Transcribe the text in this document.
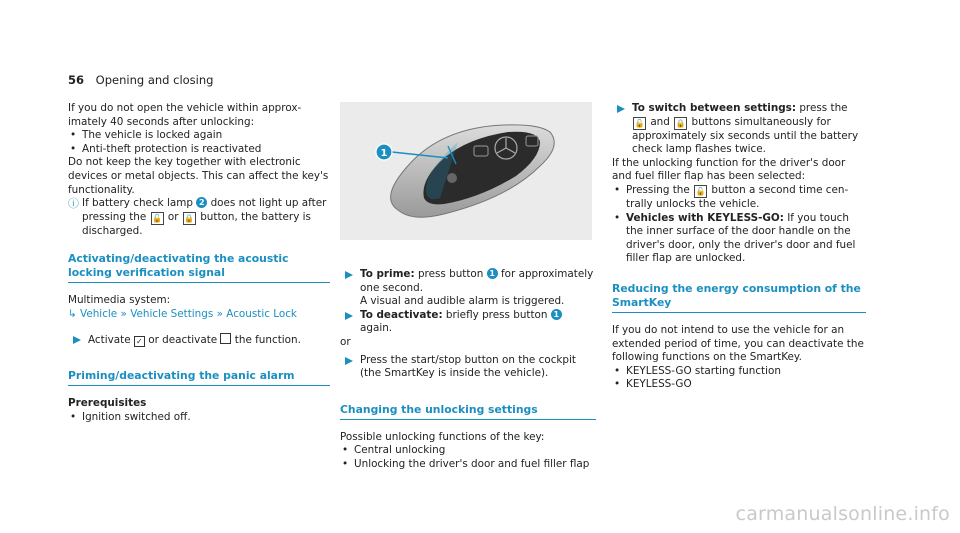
56 Opening and closing

If you do not open the vehicle within approx-imately 40 seconds after unlocking:

• The vehicle is locked again

• Anti-theft protection is reactivated

Do not keep the key together with electronic devices or metal objects. This can affect the key's functionality.

ⓘ If battery check lamp 2 does not light up after pressing the 🔓 or 🔒 button, the battery is discharged.

Activating/deactivating the acoustic locking verification signal

Multimedia system:

↳ Vehicle » Vehicle Settings » Acoustic Lock

Activate ✓ or deactivate the function.

Priming/deactivating the panic alarm

Prerequisites

• Ignition switched off.

1

To prime: press button 1 for approximately one second.
A visual and audible alarm is triggered.

To deactivate: briefly press button 1 again.

or

Press the start/stop button on the cockpit (the SmartKey is inside the vehicle).

Changing the unlocking settings

Possible unlocking functions of the key:

• Central unlocking

• Unlocking the driver's door and fuel filler flap

To switch between settings: press the
🔓 and 🔒 buttons simultaneously for approximately six seconds until the battery check lamp flashes twice.

If the unlocking function for the driver's door and fuel filler flap has been selected:

• Pressing the 🔓 button a second time cen-trally unlocks the vehicle.

• Vehicles with KEYLESS-GO: If you touch the inner surface of the door handle on the driver's door, only the driver's door and fuel filler flap are unlocked.

Reducing the energy consumption of the SmartKey

If you do not intend to use the vehicle for an extended period of time, you can deactivate the following functions on the SmartKey.

• KEYLESS-GO starting function

• KEYLESS-GO

carmanualsonline.info
